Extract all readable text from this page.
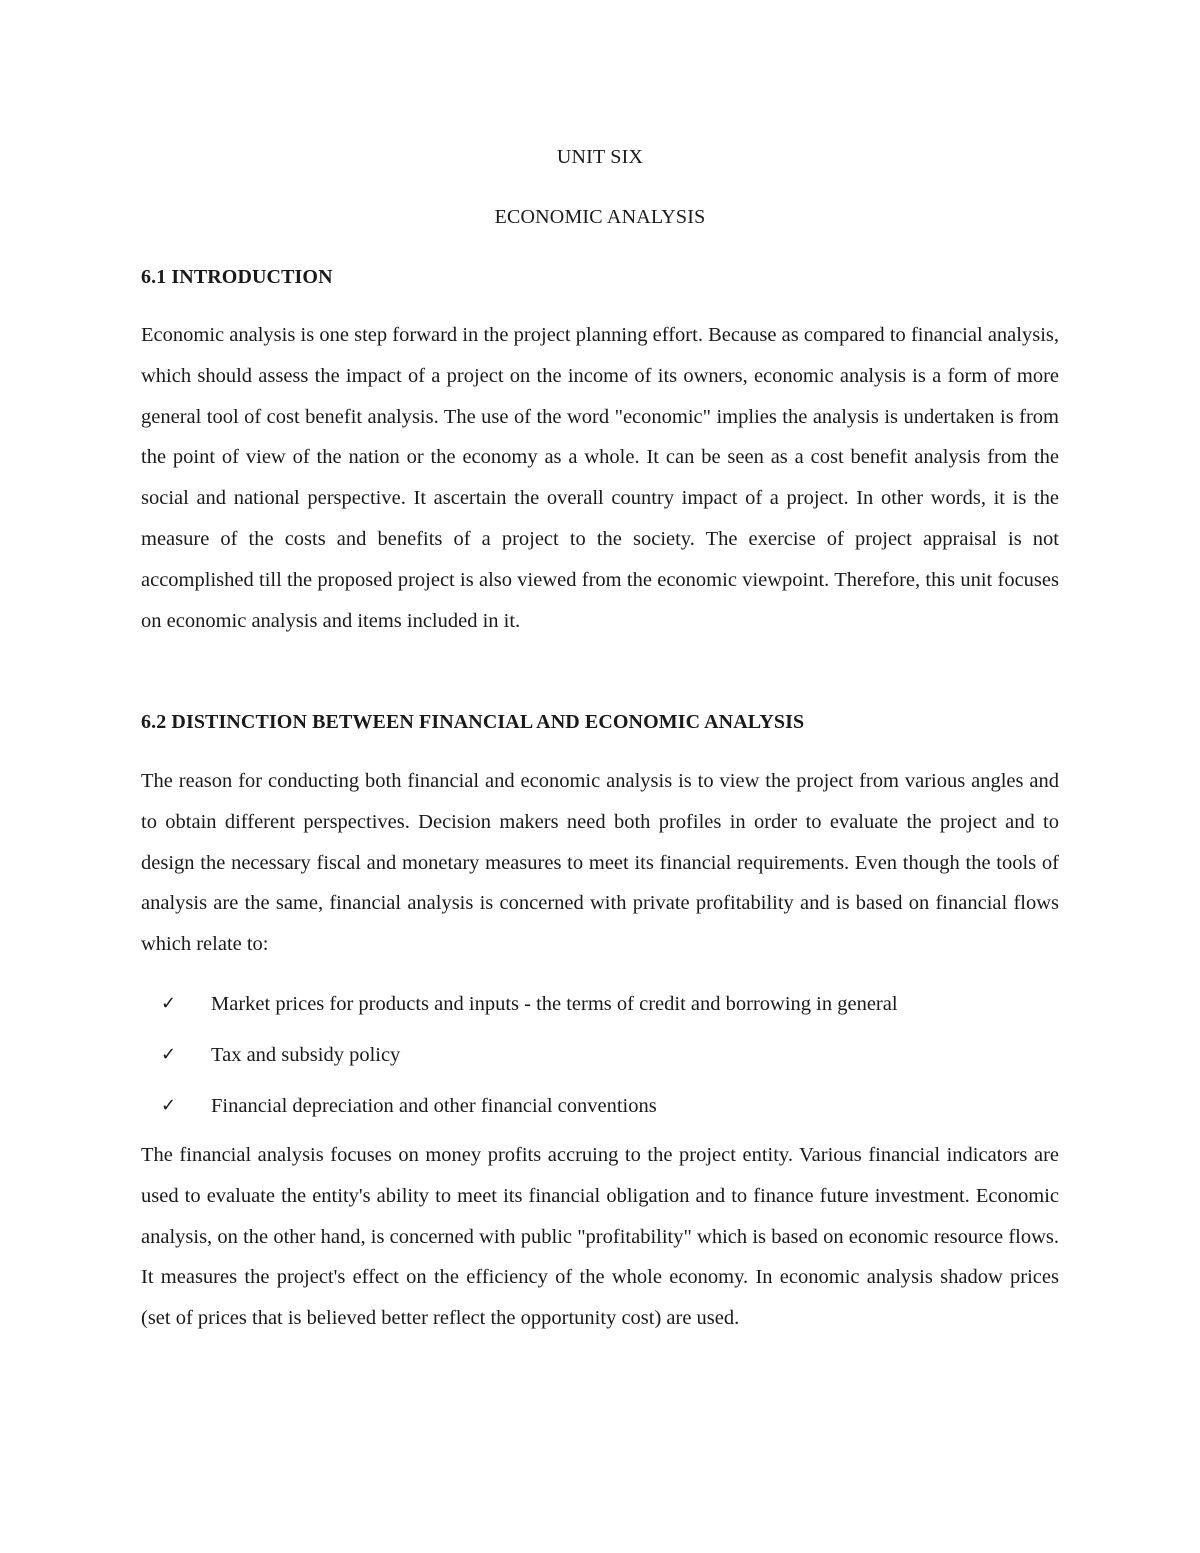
UNIT SIX
ECONOMIC ANALYSIS
6.1 INTRODUCTION

Economic analysis is one step forward in the project planning effort. Because as compared to financial analysis, which should assess the impact of a project on the income of its owners, economic analysis is a form of more general tool of cost benefit analysis. The use of the word "economic" implies the analysis is undertaken is from the point of view of the nation or the economy as a whole. It can be seen as a cost benefit analysis from the social and national perspective. It ascertain the overall country impact of a project. In other words, it is the measure of the costs and benefits of a project to the society. The exercise of project appraisal is not accomplished till the proposed project is also viewed from the economic viewpoint. Therefore, this unit focuses on economic analysis and items included in it.

6.2 DISTINCTION BETWEEN FINANCIAL AND ECONOMIC ANALYSIS

The reason for conducting both financial and economic analysis is to view the project from various angles and to obtain different perspectives. Decision makers need both profiles in order to evaluate the project and to design the necessary fiscal and monetary measures to meet its financial requirements. Even though the tools of analysis are the same, financial analysis is concerned with private profitability and is based on financial flows which relate to:

✓	Market prices for products and inputs - the terms of credit and borrowing in general
✓	Tax and subsidy policy
✓	Financial depreciation and other financial conventions

The financial analysis focuses on money profits accruing to the project entity. Various financial indicators are used to evaluate the entity's ability to meet its financial obligation and to finance future investment. Economic analysis, on the other hand, is concerned with public "profitability" which is based on economic resource flows. It measures the project's effect on the efficiency of the whole economy. In economic analysis shadow prices (set of prices that is believed better reflect the opportunity cost) are used.
